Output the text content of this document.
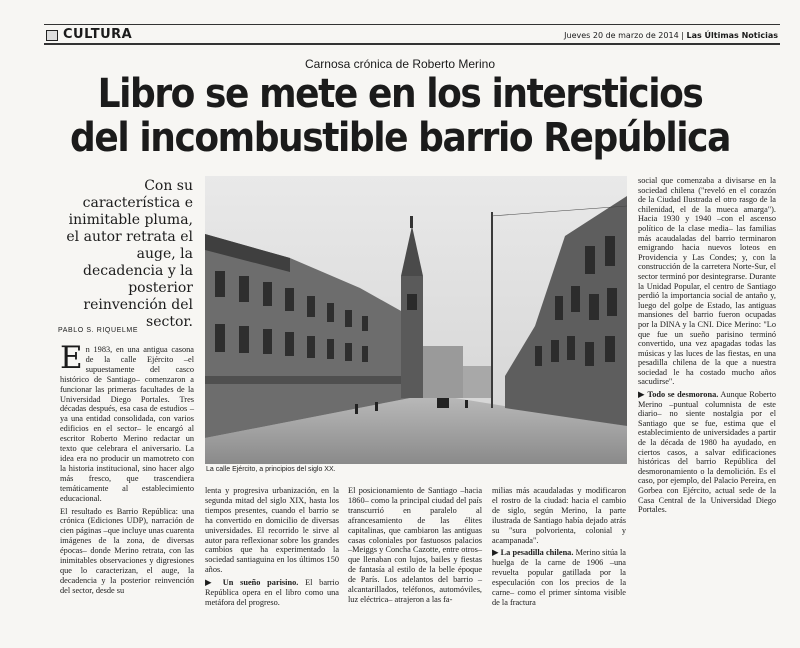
CULTURA	Jueves 20 de marzo de 2014 | Las Últimas Noticias
Carnosa crónica de Roberto Merino
Libro se mete en los intersticios
del incombustible barrio República
Con su característica e inimitable pluma, el autor retrata el auge, la decadencia y la posterior reinvención del sector.
PABLO S. RIQUELME
La calle Ejército, a principios del siglo XX.

En 1983, en una antigua casona de la calle Ejército –el supuestamente del casco histórico de Santiago– comenzaron a funcionar las primeras facultades de la Universidad Diego Portales. Tres décadas después, esa casa de estudios –ya una entidad consolidada, con varios edificios en el sector– le encargó al escritor Roberto Merino redactar un texto que celebrara el aniversario. La idea era no producir un mamotreto con la historia institucional, sino hacer algo más fresco, que trascendiera temáticamente al establecimiento educacional.

El resultado es Barrio República: una crónica (Ediciones UDP), narración de cien páginas –que incluye unas cuarenta imágenes de la zona, de diversas épocas– donde Merino retrata, con las inimitables observaciones y digresiones que lo caracterizan, el auge, la decadencia y la posterior reinvención del sector, desde su

lenta y progresiva urbanización, en la segunda mitad del siglo XIX, hasta los tiempos presentes, cuando el barrio se ha convertido en domicilio de diversas universidades. El recorrido le sirve al autor para reflexionar sobre los grandes cambios que ha experimentado la sociedad santiaguina en los últimos 150 años.

▶ Un sueño parisino. El barrio República opera en el libro como una metáfora del progreso.

El posicionamiento de Santiago –hacia 1860– como la principal ciudad del país transcurrió en paralelo al afrancesamiento de las élites capitalinas, que cambiaron las antiguas casas coloniales por fastuosos palacios –Meiggs y Concha Cazotte, entre otros– que llenaban con lujos, bailes y fiestas de fantasía al estilo de la belle époque de París. Los adelantos del barrio –alcantarillados, teléfonos, automóviles, luz eléctrica– atrajeron a las fa-

milias más acaudaladas y modificaron el rostro de la ciudad: hacia el cambio de siglo, según Merino, la parte ilustrada de Santiago había dejado atrás su "sura polvorienta, colonial y acampanada".

▶ La pesadilla chilena. Merino sitúa la huelga de la carne de 1906 –una revuelta popular gatillada por la especulación con los precios de la carne– como el primer síntoma visible de la fractura

social que comenzaba a divisarse en la sociedad chilena ("reveló en el corazón de la Ciudad Ilustrada el otro rasgo de la chilenidad, el de la mueca amarga"). Hacia 1930 y 1940 –con el ascenso político de la clase media– las familias más acaudaladas del barrio terminaron emigrando hacia nuevos loteos en Providencia y Las Condes; y, con la construcción de la carretera Norte-Sur, el sector terminó por desintegrarse. Durante la Unidad Popular, el centro de Santiago perdió la importancia social de antaño y, luego del golpe de Estado, las antiguas mansiones del barrio fueron ocupadas por la DINA y la CNI. Dice Merino: "Lo que fue un sueño parisino terminó convertido, una vez apagadas todas las músicas y las luces de las fiestas, en una pesadilla chilena de la que a nuestra sociedad le ha costado mucho años sacudirse".

▶ Todo se desmorona. Aunque Roberto Merino –puntual columnista de este diario– no siente nostalgia por el Santiago que se fue, estima que el establecimiento de universidades a partir de la década de 1980 ha ayudado, en ciertos casos, a salvar edificaciones históricas del barrio República del desmoronamiento o la demolición. Es el caso, por ejemplo, del Palacio Pereira, en Gorbea con Ejército, actual sede de la Casa Central de la Universidad Diego Portales.
